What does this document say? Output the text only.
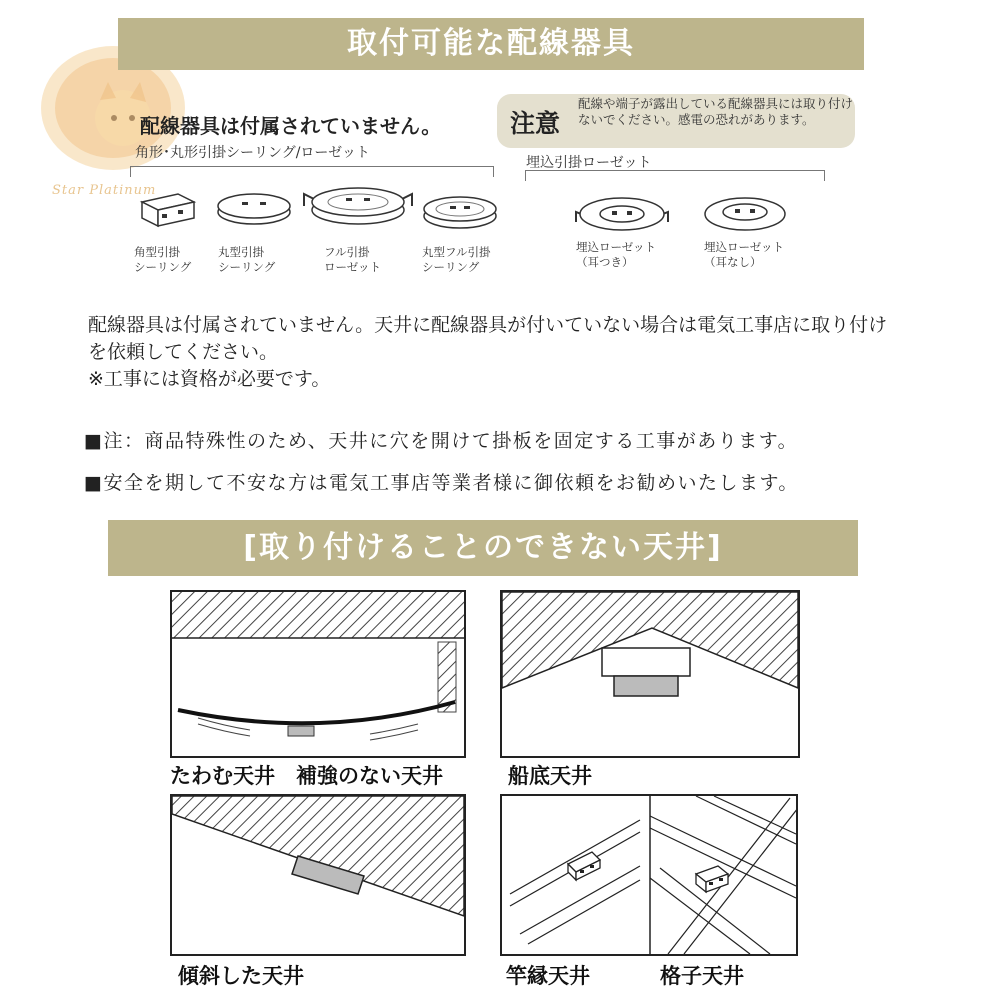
Star Platinum
取付可能な配線器具
配線器具は付属されていません。	注意
配線や端子が露出している配線器具には取り付けないでください。感電の恐れがあります。
角形･丸形引掛シーリング/ローゼット
角型引掛
シーリング
丸型引掛
シーリング
フル引掛
ローゼット
丸型フル引掛
シーリング
埋込引掛ローゼット
埋込ローゼット
（耳つき）
埋込ローゼット
（耳なし）
配線器具は付属されていません。天井に配線器具が付いていない場合は電気工事店に取り付けを依頼してください。
※工事には資格が必要です。
■注：商品特殊性のため、天井に穴を開けて掛板を固定する工事があります。
■安全を期して不安な方は電気工事店等業者様に御依頼をお勧めいたします。
[取り付けることのできない天井]
たわむ天井　補強のない天井	船底天井
傾斜した天井	竿縁天井	格子天井
